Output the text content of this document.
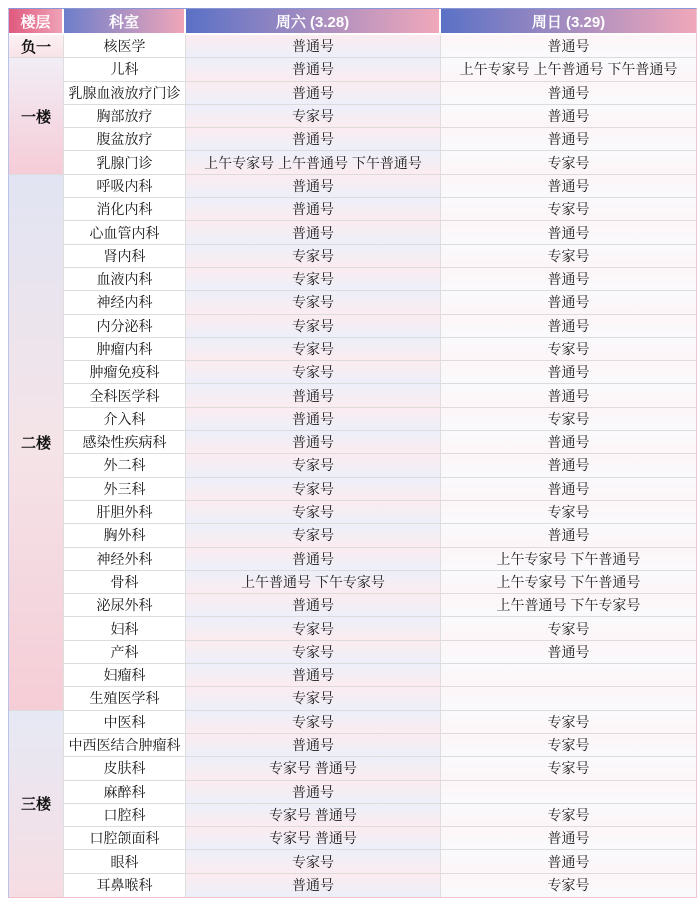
楼层	科室	周六 (3.28)	周日 (3.29)
负一	核医学	普通号	普通号
一楼	儿科	普通号	上午专家号 上午普通号 下午普通号
	乳腺血液放疗门诊	普通号	普通号
	胸部放疗	专家号	普通号
	腹盆放疗	普通号	普通号
	乳腺门诊	上午专家号 上午普通号 下午普通号	专家号
二楼	呼吸内科	普通号	普通号
	消化内科	普通号	专家号
	心血管内科	普通号	普通号
	肾内科	专家号	专家号
	血液内科	专家号	普通号
	神经内科	专家号	普通号
	内分泌科	专家号	普通号
	肿瘤内科	专家号	专家号
	肿瘤免疫科	专家号	普通号
	全科医学科	普通号	普通号
	介入科	普通号	专家号
	感染性疾病科	普通号	普通号
	外二科	专家号	普通号
	外三科	专家号	普通号
	肝胆外科	专家号	专家号
	胸外科	专家号	普通号
	神经外科	普通号	上午专家号 下午普通号
	骨科	上午普通号 下午专家号	上午专家号 下午普通号
	泌尿外科	普通号	上午普通号 下午专家号
	妇科	专家号	专家号
	产科	专家号	普通号
	妇瘤科	普通号	
	生殖医学科	专家号	
三楼	中医科	专家号	专家号
	中西医结合肿瘤科	普通号	专家号
	皮肤科	专家号 普通号	专家号
	麻醉科	普通号	
	口腔科	专家号 普通号	专家号
	口腔颌面科	专家号 普通号	普通号
	眼科	专家号	普通号
	耳鼻喉科	普通号	专家号
